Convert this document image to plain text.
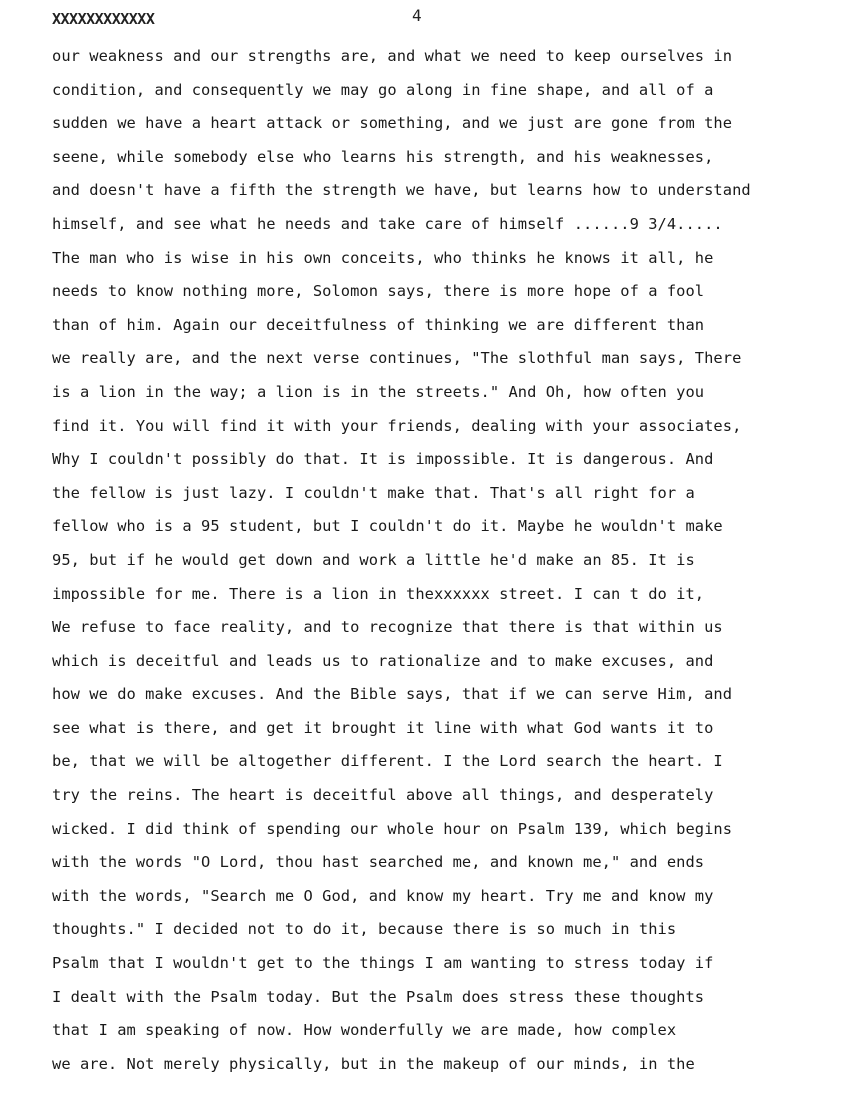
XXXXXXXXXXXX	4
our weakness and our strengths are, and what we need to keep ourselves in
condition, and consequently we may go along in fine shape, and all of a
sudden we have a heart attack or something, and we just are gone from the
seene, while somebody else who learns his strength, and his weaknesses,
and doesn't have a fifth the strength we have, but learns how to understand
himself, and see what he needs and take care of himself ......9 3/4.....
The man who is wise in his own conceits, who thinks he knows it all, he
needs to know nothing more, Solomon says, there is more hope of a fool
than of him. Again our deceitfulness of thinking we are different than
we really are, and the next verse continues, "The slothful man says, There
is a lion in the way; a lion is in the streets." And Oh, how often you
find it. You will find it with your friends, dealing with your associates,
Why I couldn't possibly do that. It is impossible. It is dangerous. And
the fellow is just lazy. I couldn't make that. That's all right for a
fellow who is a 95 student, but I couldn't do it. Maybe he wouldn't make
95, but if he would get down and work a little he'd make an 85. It is
impossible for me. There is a lion in thexxxxxx street. I can t do it,
We refuse to face reality, and to recognize that there is that within us
which is deceitful and leads us to rationalize and to make excuses, and
how we do make excuses. And the Bible says, that if we can serve Him, and
see what is there, and get it brought it line with what God wants it to
be, that we will be altogether different. I the Lord search the heart. I
try the reins. The heart is deceitful above all things, and desperately
wicked. I did think of spending our whole hour on Psalm 139, which begins
with the words "O Lord, thou hast searched me, and known me," and ends
with the words, "Search me O God, and know my heart. Try me and know my
thoughts." I decided not to do it, because there is so much in this
Psalm that I wouldn't get to the things I am wanting to stress today if
I dealt with the Psalm today. But the Psalm does stress these thoughts
that I am speaking of now. How wonderfully we are made, how complex
we are. Not merely physically, but in the makeup of our minds, in the
